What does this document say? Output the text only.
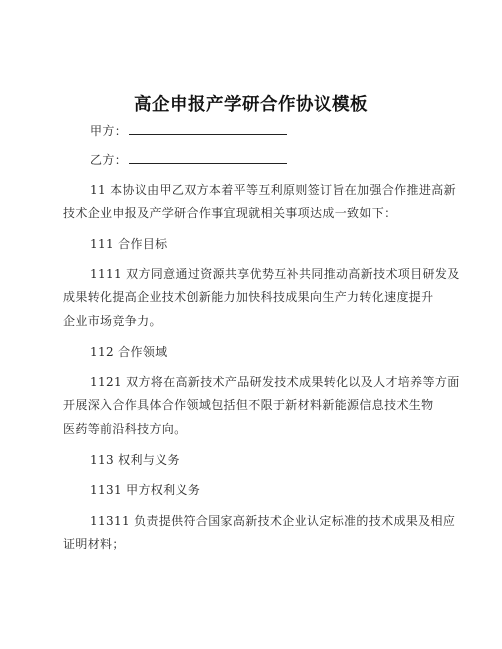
高企申报产学研合作协议模板
甲方：
乙方：
11 本协议由甲乙双方本着平等互利原则签订旨在加强合作推进高新
技术企业申报及产学研合作事宜现就相关事项达成一致如下：
111 合作目标
1111 双方同意通过资源共享优势互补共同推动高新技术项目研发及
成果转化提高企业技术创新能力加快科技成果向生产力转化速度提升
企业市场竞争力。
112 合作领域
1121 双方将在高新技术产品研发技术成果转化以及人才培养等方面
开展深入合作具体合作领域包括但不限于新材料新能源信息技术生物
医药等前沿科技方向。
113 权利与义务
1131 甲方权利义务
11311 负责提供符合国家高新技术企业认定标准的技术成果及相应
证明材料；
